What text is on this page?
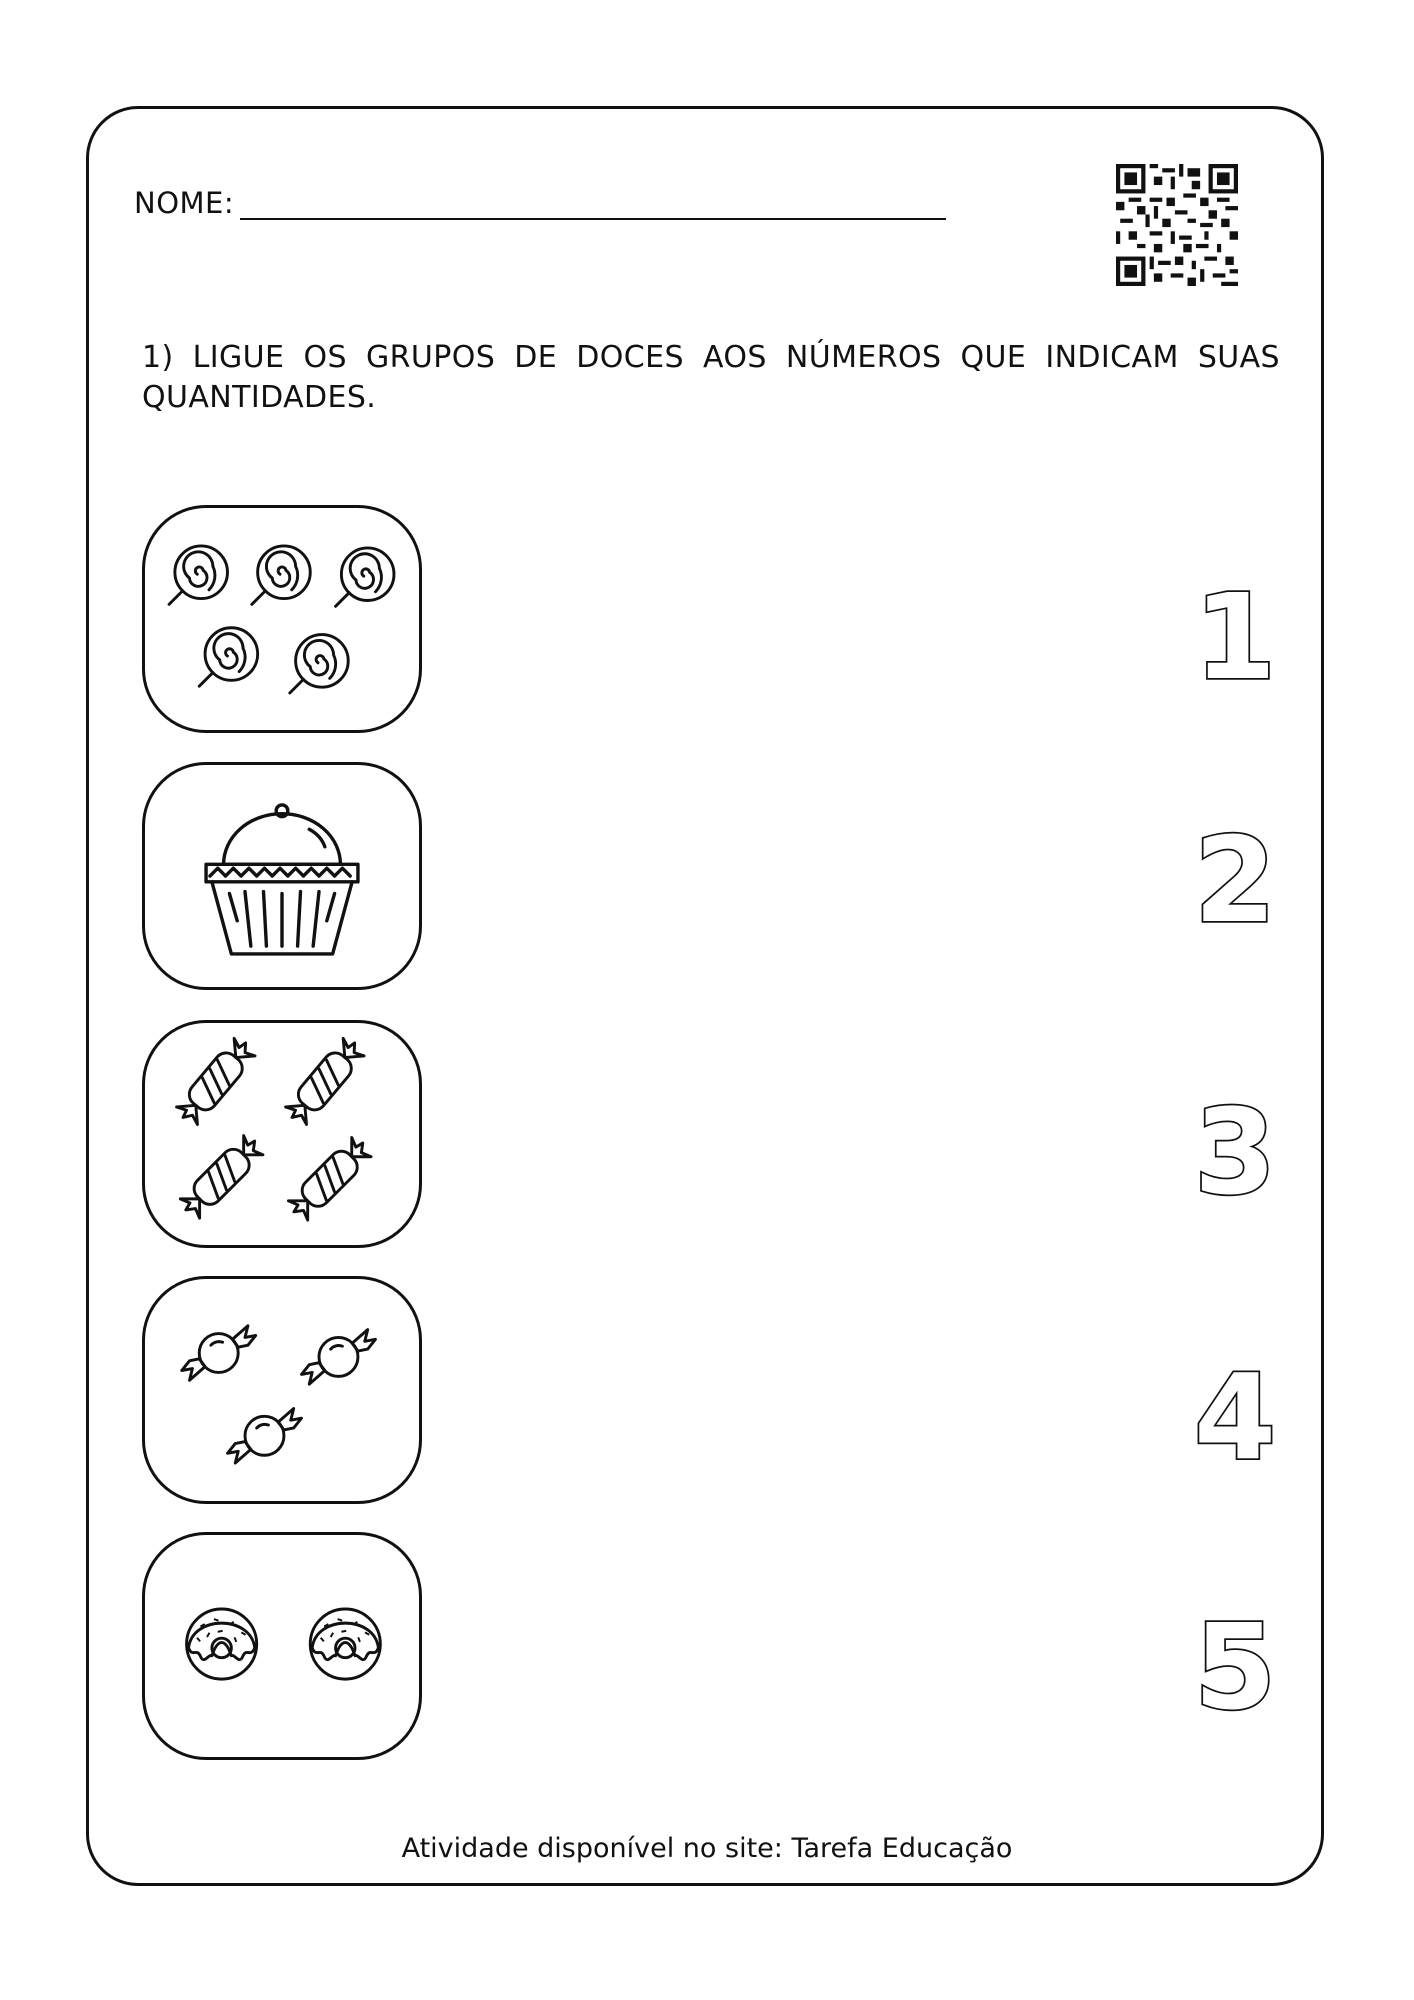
NOME:
1) LIGUE OS GRUPOS DE DOCES AOS NÚMEROS QUE INDICAM SUAS QUANTIDADES.
1
2
3
4
5
Atividade disponível no site: Tarefa Educação
